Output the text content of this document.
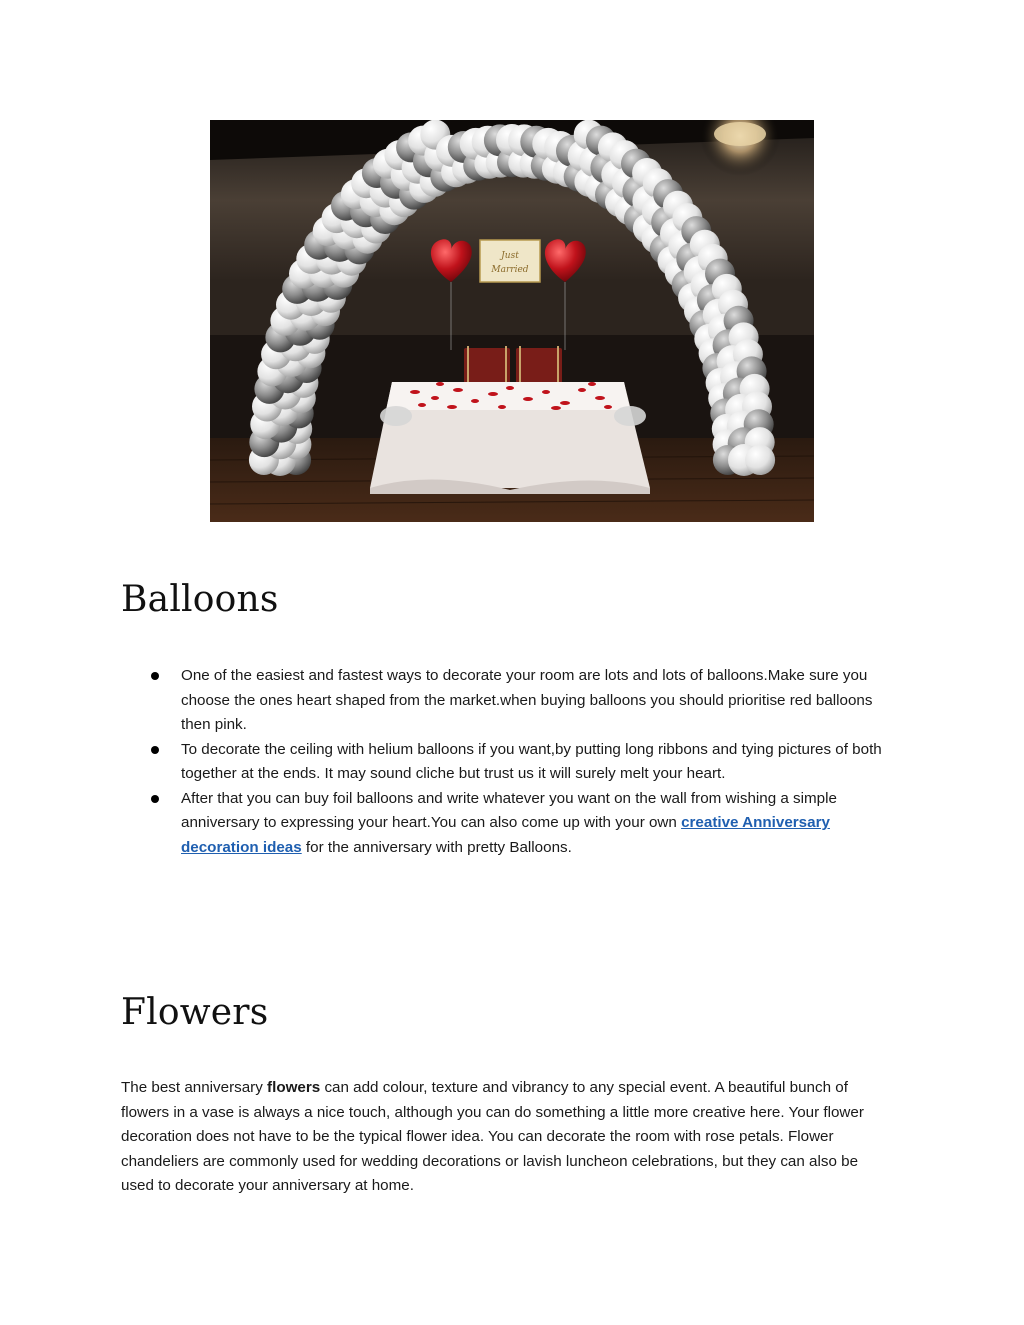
Just
Married
Balloons
One of the easiest and fastest ways to decorate your room are lots and lots of balloons.Make sure you choose the ones heart shaped from the market.when buying balloons you should prioritise red balloons then pink.
To decorate the ceiling with helium balloons if you want,by putting long ribbons and tying pictures of both together at the ends. It may sound cliche but trust us it will surely melt your heart.
After that you can buy foil balloons and write whatever you want on the wall from wishing a simple anniversary to expressing your heart.You can also come up with your own creative Anniversary decoration ideas for the anniversary with pretty Balloons.
Flowers

The best anniversary flowers can add colour, texture and vibrancy to any special event. A beautiful bunch of flowers in a vase is always a nice touch, although you can do something a little more creative here. Your flower decoration does not have to be the typical flower idea. You can decorate the room with rose petals. Flower chandeliers are commonly used for wedding decorations or lavish luncheon celebrations, but they can also be used to decorate your anniversary at home.
